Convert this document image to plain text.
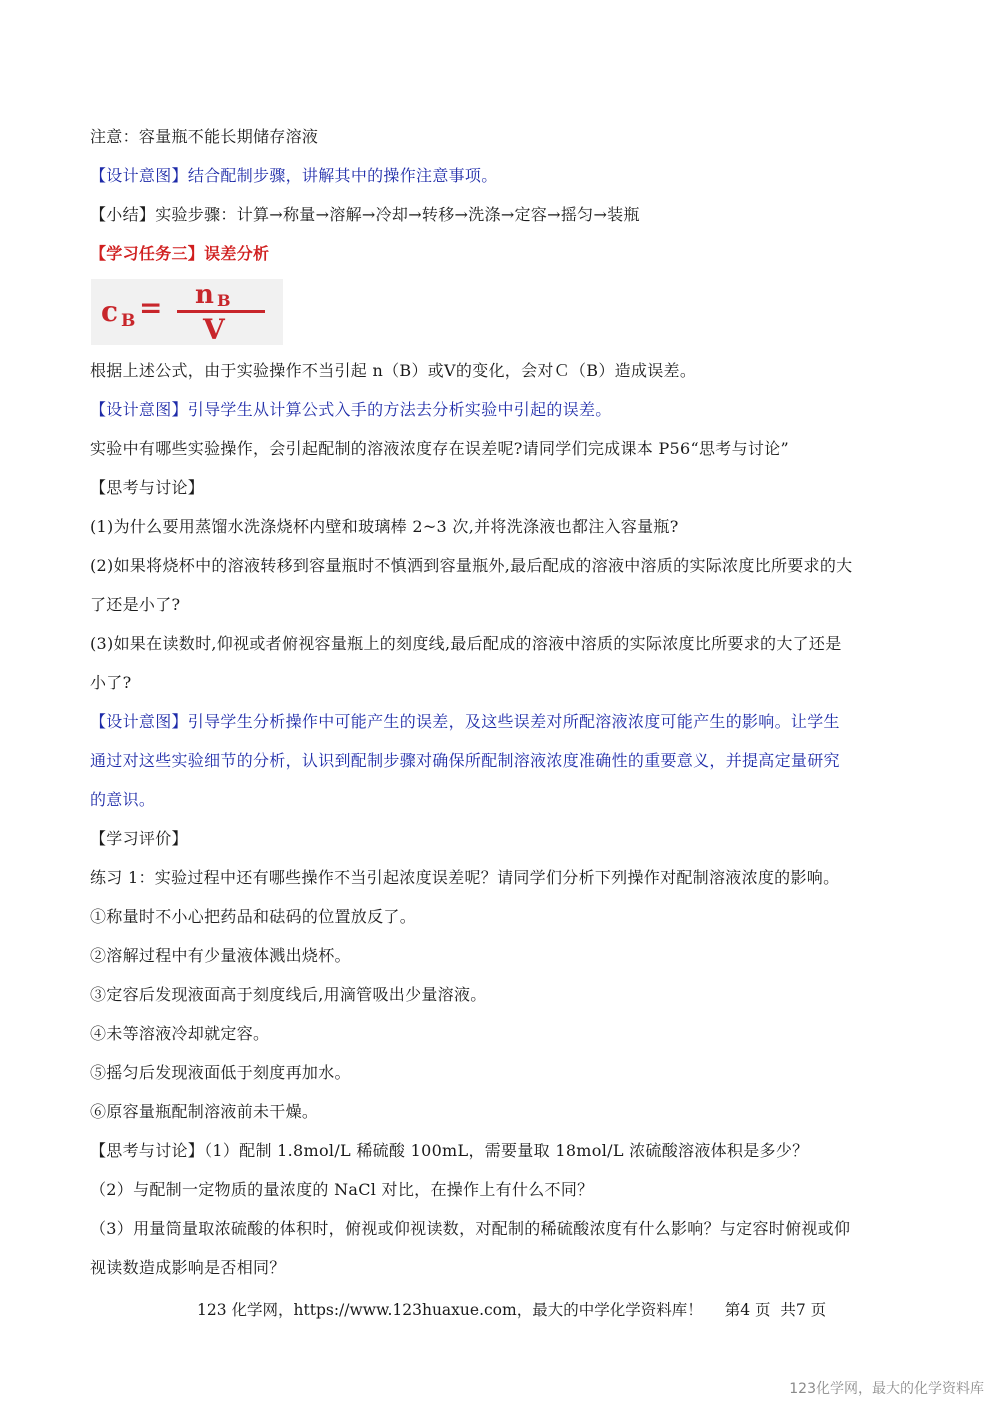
注意：容量瓶不能长期储存溶液
【设计意图】结合配制步骤，讲解其中的操作注意事项。
【小结】实验步骤：计算→称量→溶解→冷却→转移→洗涤→定容→摇匀→装瓶
【学习任务三】误差分析
c B = n B
V
根据上述公式，由于实验操作不当引起 n（B）或Ⅴ的变化，会对Ｃ（B）造成误差。
【设计意图】引导学生从计算公式入手的方法去分析实验中引起的误差。
实验中有哪些实验操作，会引起配制的溶液浓度存在误差呢?请同学们完成课本 P56“思考与讨论”
【思考与讨论】
(1)为什么要用蒸馏水洗涤烧杯内壁和玻璃棒 2~3 次,并将洗涤液也都注入容量瓶?
(2)如果将烧杯中的溶液转移到容量瓶时不慎洒到容量瓶外,最后配成的溶液中溶质的实际浓度比所要求的大
了还是小了?
(3)如果在读数时,仰视或者俯视容量瓶上的刻度线,最后配成的溶液中溶质的实际浓度比所要求的大了还是
小了?
【设计意图】引导学生分析操作中可能产生的误差，及这些误差对所配溶液浓度可能产生的影响。让学生
通过对这些实验细节的分析，认识到配制步骤对确保所配制溶液浓度准确性的重要意义，并提高定量研究
的意识。
【学习评价】
练习 1：实验过程中还有哪些操作不当引起浓度误差呢？请同学们分析下列操作对配制溶液浓度的影响。
①称量时不小心把药品和砝码的位置放反了。
②溶解过程中有少量液体溅出烧杯。
③定容后发现液面高于刻度线后,用滴管吸出少量溶液。
④未等溶液冷却就定容。
⑤摇匀后发现液面低于刻度再加水。
⑥原容量瓶配制溶液前未干燥。
【思考与讨论】（1）配制 1.8mol/L 稀硫酸 100mL，需要量取 18mol/L 浓硫酸溶液体积是多少？
（2）与配制一定物质的量浓度的 NaCl 对比，在操作上有什么不同？
（3）用量筒量取浓硫酸的体积时，俯视或仰视读数，对配制的稀硫酸浓度有什么影响？与定容时俯视或仰
视读数造成影响是否相同？
123 化学网，https://www.123huaxue.com，最大的中学化学资料库！ 第4 页 共7 页
123化学网，最大的化学资料库
